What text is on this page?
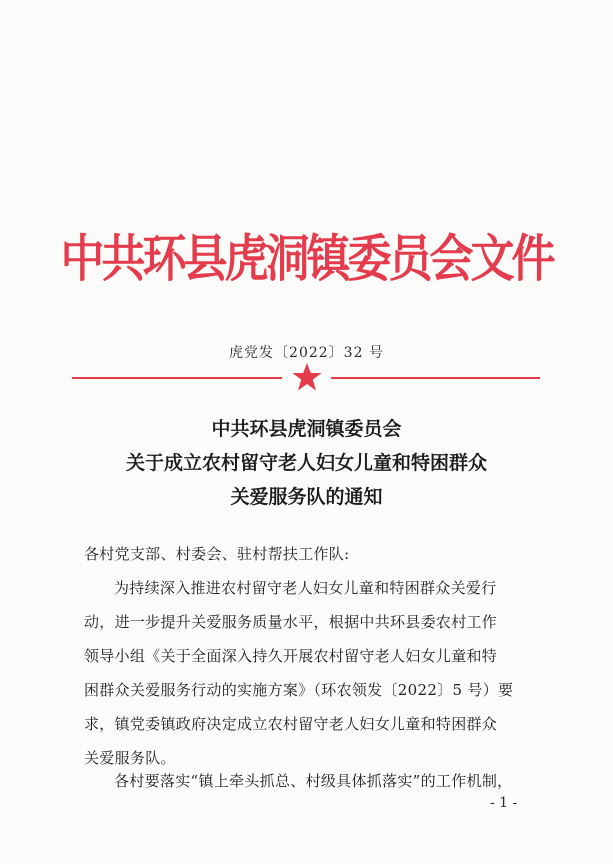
中共环县虎洞镇委员会文件
虎党发〔2022〕32 号
中共环县虎洞镇委员会
关于成立农村留守老人妇女儿童和特困群众
关爱服务队的通知
各村党支部、村委会、驻村帮扶工作队:
为持续深入推进农村留守老人妇女儿童和特困群众关爱行
动，进一步提升关爱服务质量水平，根据中共环县委农村工作
领导小组《关于全面深入持久开展农村留守老人妇女儿童和特
困群众关爱服务行动的实施方案》（环农领发〔2022〕5 号）要
求，镇党委镇政府决定成立农村留守老人妇女儿童和特困群众
关爱服务队。
各村要落实“镇上牵头抓总、村级具体抓落实”的工作机制，
- 1 -
